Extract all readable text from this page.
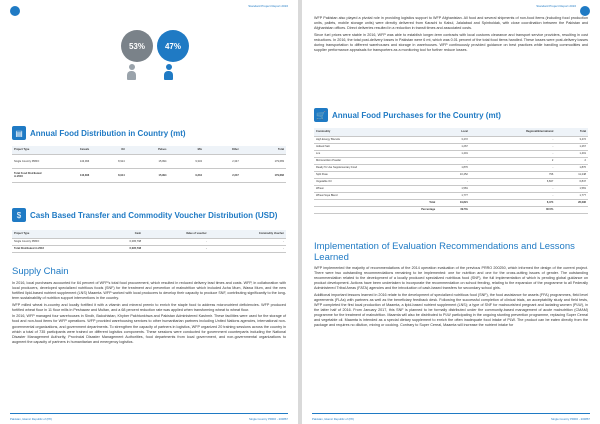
Standard Project Report 2016
53% 47%
▤ Annual Food Distribution in Country (mt)
Project Type	Cereals	Oil	Pulses	Mix	Other	Total
Single Country PRRO	143,096	8,914	15,994	9,334	2,347	179,683
Total Food Distributed in 2016	143,096	8,914	15,994	9,334	2,347	179,683
$	Cash Based Transfer and Commodity Voucher Distribution (USD)
Project Type	Cash	Value of voucher	Commodity Voucher
Single Country PRRO	6,095,798	-	-
Total Distributed in 2016	6,095,798	-	-
Supply Chain

In 2016, local purchases accounted for 64 percent of WFP's total food procurement, which resulted in reduced delivery lead times and costs. WFP, in collaboration with local producers, developed specialized nutritious foods (SNF) for the treatment and prevention of malnutrition which included Acha Mum, Wawa Mum, and the new fortified lipid-based nutrient supplement (LNS) Maamta. WFP worked with local producers to develop their capacity to produce SNF, contributing significantly to the long-term sustainability of nutrition support interventions in the country.

WFP milled wheat in-country and locally fortified it with a vitamin and mineral premix to enrich the staple food to address micronutrient deficiencies. WFP produced fortified wheat flour in 11 flour mills in Peshawar and Multan, and a 68 percent reduction rate was applied when transforming wheat to wheat flour.

In 2016, WFP managed four warehouses in Sindh, Balochistan, Khyber Pakhtunkhwa and Pakistan Administered Kashmir. These facilities were used for the storage of food and non-food items for WFP operations. WFP provided warehousing services to other humanitarian partners including United Nations agencies, international non-governmental organizations, and government departments. To strengthen the capacity of partners in logistics, WFP organized 20 training sessions across the country in which a total of 735 participants were trained on different logistics components. These sessions were conducted for government counterparts including the National Disaster Management Authority, Provincial Disaster Management Authorities, food departments from local government, and non-governmental organizations to augment the capacity of partners in humanitarian and emergency logistics.

Pakistan, Islamic Republic of (PK)	Single Country PRRO - 200867
Standard Project Report 2016

WFP Pakistan also played a pivotal role in providing logistics support to WFP Afghanistan. All food and several shipments of non-food items (including food production units, pallets, mobile storage units) were directly delivered from Karachi to Kabul, Jalalabad and Spinboldak, with close coordination between the Pakistan and Afghanistan offices. Direct deliveries resulted in a reduction in transit times and associated costs.

Since fuel prices were stable in 2016, WFP was able to establish longer-term contracts with local customs clearance and transport service providers, resulting in cost reductions. In 2016, the total post-delivery losses in Pakistan were 6 mt, which was 0.01 percent of the total food items handled. These losses were post-delivery losses during transportation to different warehouses and storage in warehouses. WFP continuously provided guidance on best practices while handling commodities and supplier performance appraisals for transporters as a monitoring tool for further reduce losses.

🛒 Annual Food Purchases for the Country (mt)
Commodity	Local	Regional/International	Total
High Energy Biscuits	3,472	-	3,472
Iodised Salt	1,267	-	1,267
Lns	1,401	-	1,401
Micronutrition Powder	-	2	2
Ready To Use Supplementary Food	1,876	-	1,876
Split Peas	10,452	796	11,248
Vegetable Oil	-	6,847	6,847
Wheat	1,581	-	1,581
Wheat Soya Blend	1,777	-	1,777
Total	19,821	6,474	26,296
Percentage	69.5%	30.5%	
Implementation of Evaluation Recommendations and Lessons Learned

WFP implemented the majority of recommendations of the 2014 operation evaluation of the previous PRRO 200250, which informed the design of the current project. There were two outstanding recommendations remaining to be implemented: one for nutrition and one for the cross-cutting issues of gender. The outstanding recommendation related to the development of a locally produced specialized nutritious food (SNF), the full implementation of which is pending global guidance on product development. Actions have been undertaken to incorporate the recommendation on school feeding, relating to the expansion of the programme to all Federally Administered Tribal Areas (FATA) agencies and the introduction of cash-based transfers for secondary school girls.

Additional important lessons learned in 2016 relate to the development of specialized nutritious food (SNF), the food assistance for assets (FFA) programmes, field level agreements (FLAs) with partners as well as the beneficiary feedback desk. Following the successful completion of clinical trials, an acceptability study and field tests, WFP completed the first local production of Maamta, a lipid-based nutrient supplement (LNS); a type of SNF for malnourished pregnant and lactating women (PLW), in the latter half of 2016. From January 2017, this SNF is planned to be formally distributed under the community-based management of acute malnutrition (CMAM) programme for the treatment of malnutrition. Maamta will also be distributed to PLW participating in the ongoing stunting prevention programme, replacing Super Cereal and vegetable oil. Maamta is intended as a special dietary supplement to enrich the often inadequate food intake of PLW. The product can be eaten directly from the package and requires no dilution, mixing or cooking. Contrary to Super Cereal, Maamta will increase the nutrient intake for

Pakistan, Islamic Republic of (PK)	Single Country PRRO - 200867
